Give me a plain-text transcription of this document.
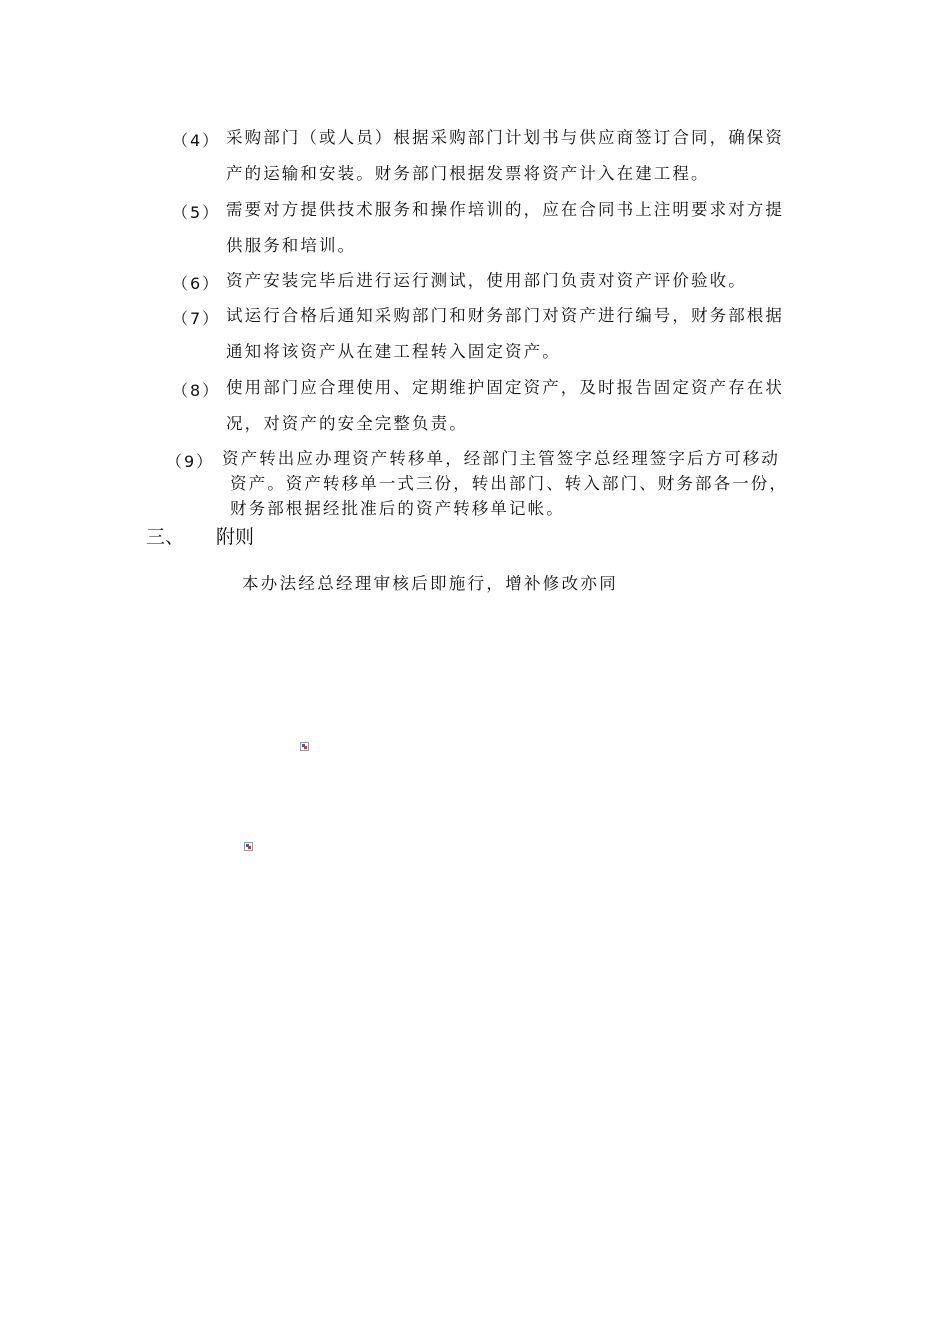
（4） 采购部门（或人员）根据采购部门计划书与供应商签订合同，确保资
产的运输和安装。财务部门根据发票将资产计入在建工程。
（5） 需要对方提供技术服务和操作培训的，应在合同书上注明要求对方提
供服务和培训。
（6） 资产安装完毕后进行运行测试，使用部门负责对资产评价验收。
（7） 试运行合格后通知采购部门和财务部门对资产进行编号，财务部根据
通知将该资产从在建工程转入固定资产。
（8） 使用部门应合理使用、定期维护固定资产，及时报告固定资产存在状
况，对资产的安全完整负责。
（9） 资产转出应办理资产转移单，经部门主管签字总经理签字后方可移动
资产。资产转移单一式三份，转出部门、转入部门、财务部各一份，
财务部根据经批准后的资产转移单记帐。
三、 附则
本办法经总经理审核后即施行，增补修改亦同
